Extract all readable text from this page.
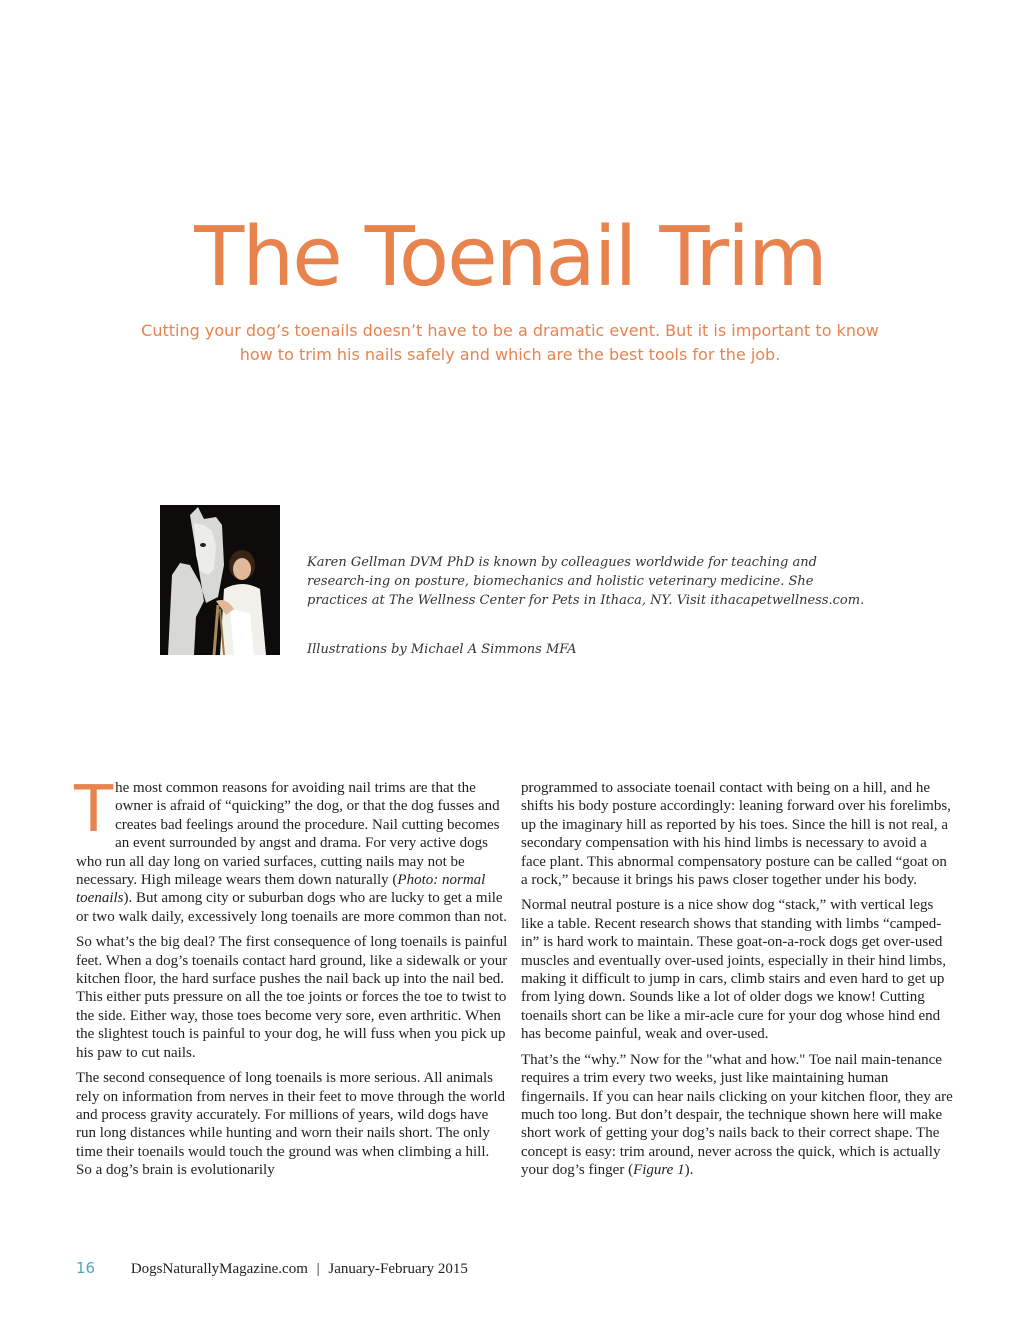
The Toenail Trim

Cutting your dog’s toenails doesn’t have to be a dramatic event. But it is important to know how to trim his nails safely and which are the best tools for the job.

Karen Gellman DVM PhD is known by colleagues worldwide for teaching and research-ing on posture, biomechanics and holistic veterinary medicine. She practices at The Wellness Center for Pets in Ithaca, NY. Visit ithacapetwellness.com.

Illustrations by Michael A Simmons MFA

The most common reasons for avoiding nail trims are that the owner is afraid of “quicking” the dog, or that the dog fusses and creates bad feelings around the procedure. Nail cutting becomes an event surrounded by angst and drama. For very active dogs who run all day long on varied surfaces, cutting nails may not be necessary. High mileage wears them down naturally (Photo: normal toenails). But among city or suburban dogs who are lucky to get a mile or two walk daily, excessively long toenails are more common than not.

So what’s the big deal? The first consequence of long toenails is painful feet. When a dog’s toenails contact hard ground, like a sidewalk or your kitchen floor, the hard surface pushes the nail back up into the nail bed. This either puts pressure on all the toe joints or forces the toe to twist to the side. Either way, those toes become very sore, even arthritic. When the slightest touch is painful to your dog, he will fuss when you pick up his paw to cut nails.

The second consequence of long toenails is more serious. All animals rely on information from nerves in their feet to move through the world and process gravity accurately. For millions of years, wild dogs have run long distances while hunting and worn their nails short. The only time their toenails would touch the ground was when climbing a hill. So a dog’s brain is evolutionarily

programmed to associate toenail contact with being on a hill, and he shifts his body posture accordingly: leaning forward over his forelimbs, up the imaginary hill as reported by his toes. Since the hill is not real, a secondary compensation with his hind limbs is necessary to avoid a face plant. This abnormal compensatory posture can be called “goat on a rock,” because it brings his paws closer together under his body.

Normal neutral posture is a nice show dog “stack,” with vertical legs like a table. Recent research shows that standing with limbs “camped-in” is hard work to maintain. These goat-on-a-rock dogs get over-used muscles and eventually over-used joints, especially in their hind limbs, making it difficult to jump in cars, climb stairs and even hard to get up from lying down. Sounds like a lot of older dogs we know! Cutting toenails short can be like a mir-acle cure for your dog whose hind end has become painful, weak and over-used.

That’s the “why.” Now for the "what and how." Toe nail main-tenance requires a trim every two weeks, just like maintaining human fingernails. If you can hear nails clicking on your kitchen floor, they are much too long. But don’t despair, the technique shown here will make short work of getting your dog’s nails back to their correct shape. The concept is easy: trim around, never across the quick, which is actually your dog’s finger (Figure 1).

16 DogsNaturallyMagazine.com | January-February 2015
